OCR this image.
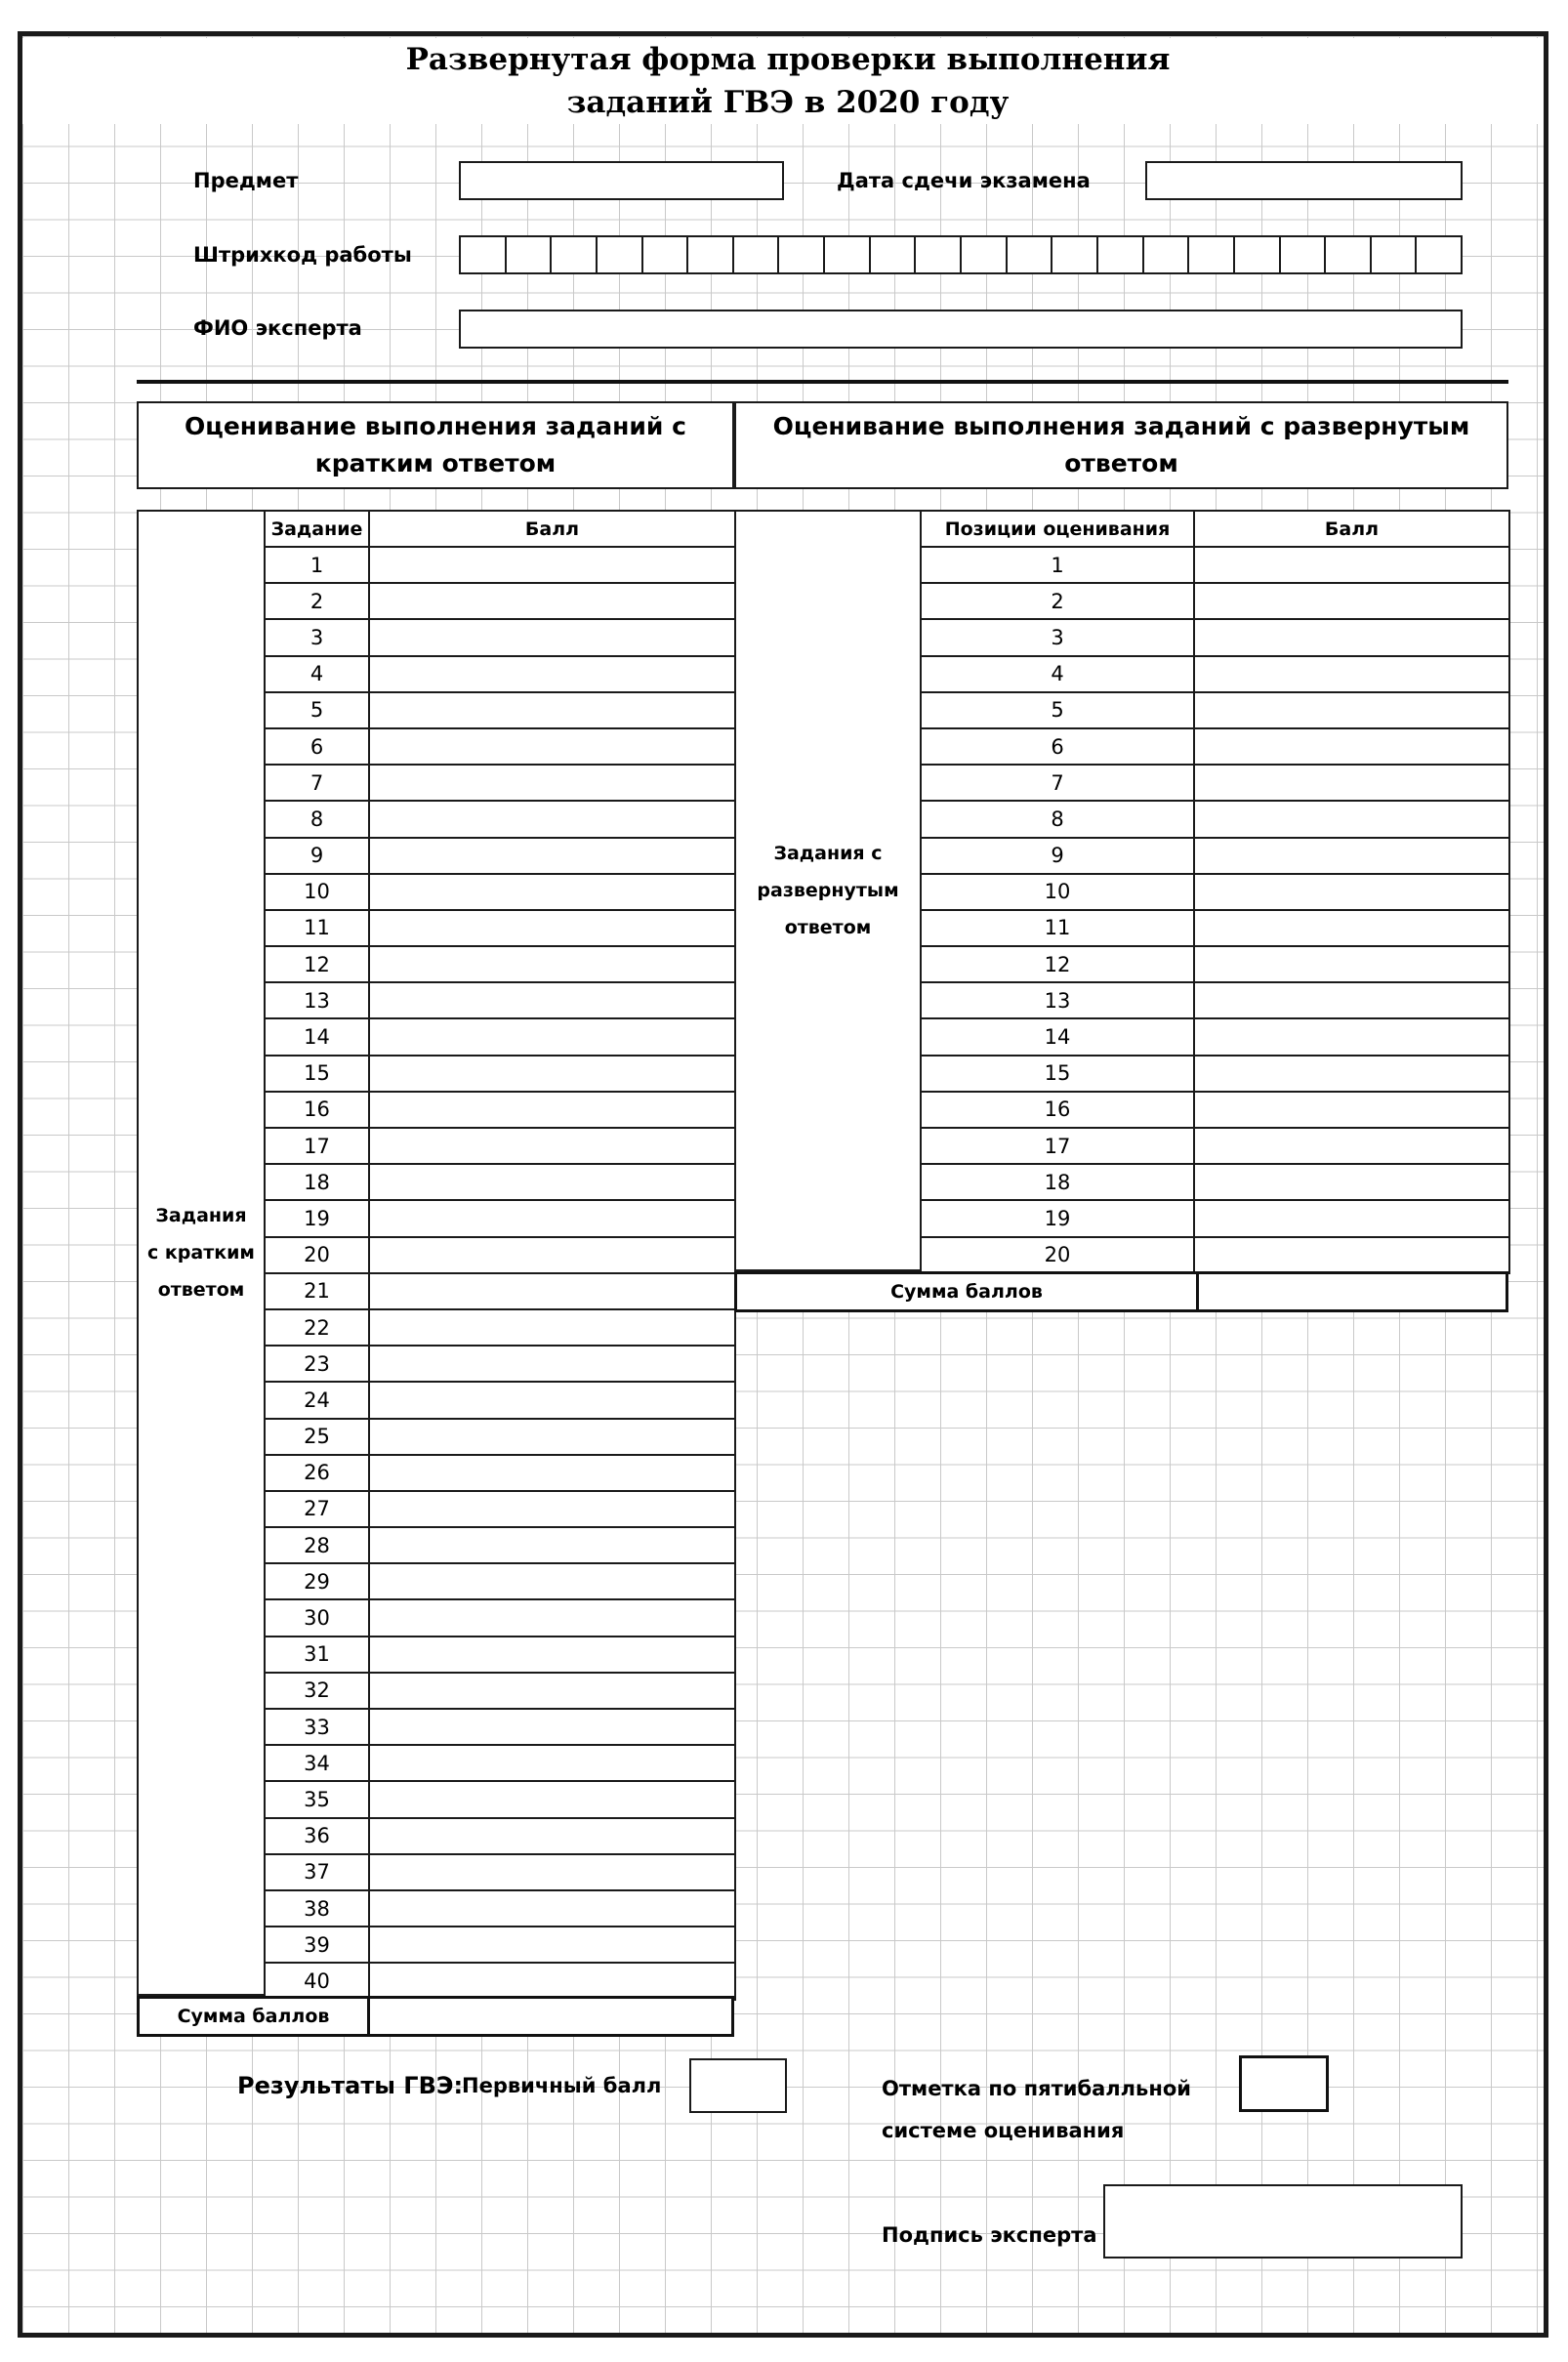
Развернутая форма проверки выполнения
заданий ГВЭ в 2020 году
Предмет	Дата сдечи экзамена
Штрихкод работы
ФИО эксперта
Оценивание выполнения заданий с кратким ответом
Оценивание выполнения заданий с развернутым ответом
Задания с кратким ответом
Задание	Балл
1	
2	
3	
4	
5	
6	
7	
8	
9	
10	
11	
12	
13	
14	
15	
16	
17	
18	
19	
20	
21	
22	
23	
24	
25	
26	
27	
28	
29	
30	
31	
32	
33	
34	
35	
36	
37	
38	
39	
40	
Сумма баллов
Задания с развернутым ответом
Позиции оценивания	Балл
1	
2	
3	
4	
5	
6	
7	
8	
9	
10	
11	
12	
13	
14	
15	
16	
17	
18	
19	
20	
Сумма баллов
Результаты ГВЭ:
Первичный балл	Отметка по пятибалльной
системе оценивания
Подпись эксперта
